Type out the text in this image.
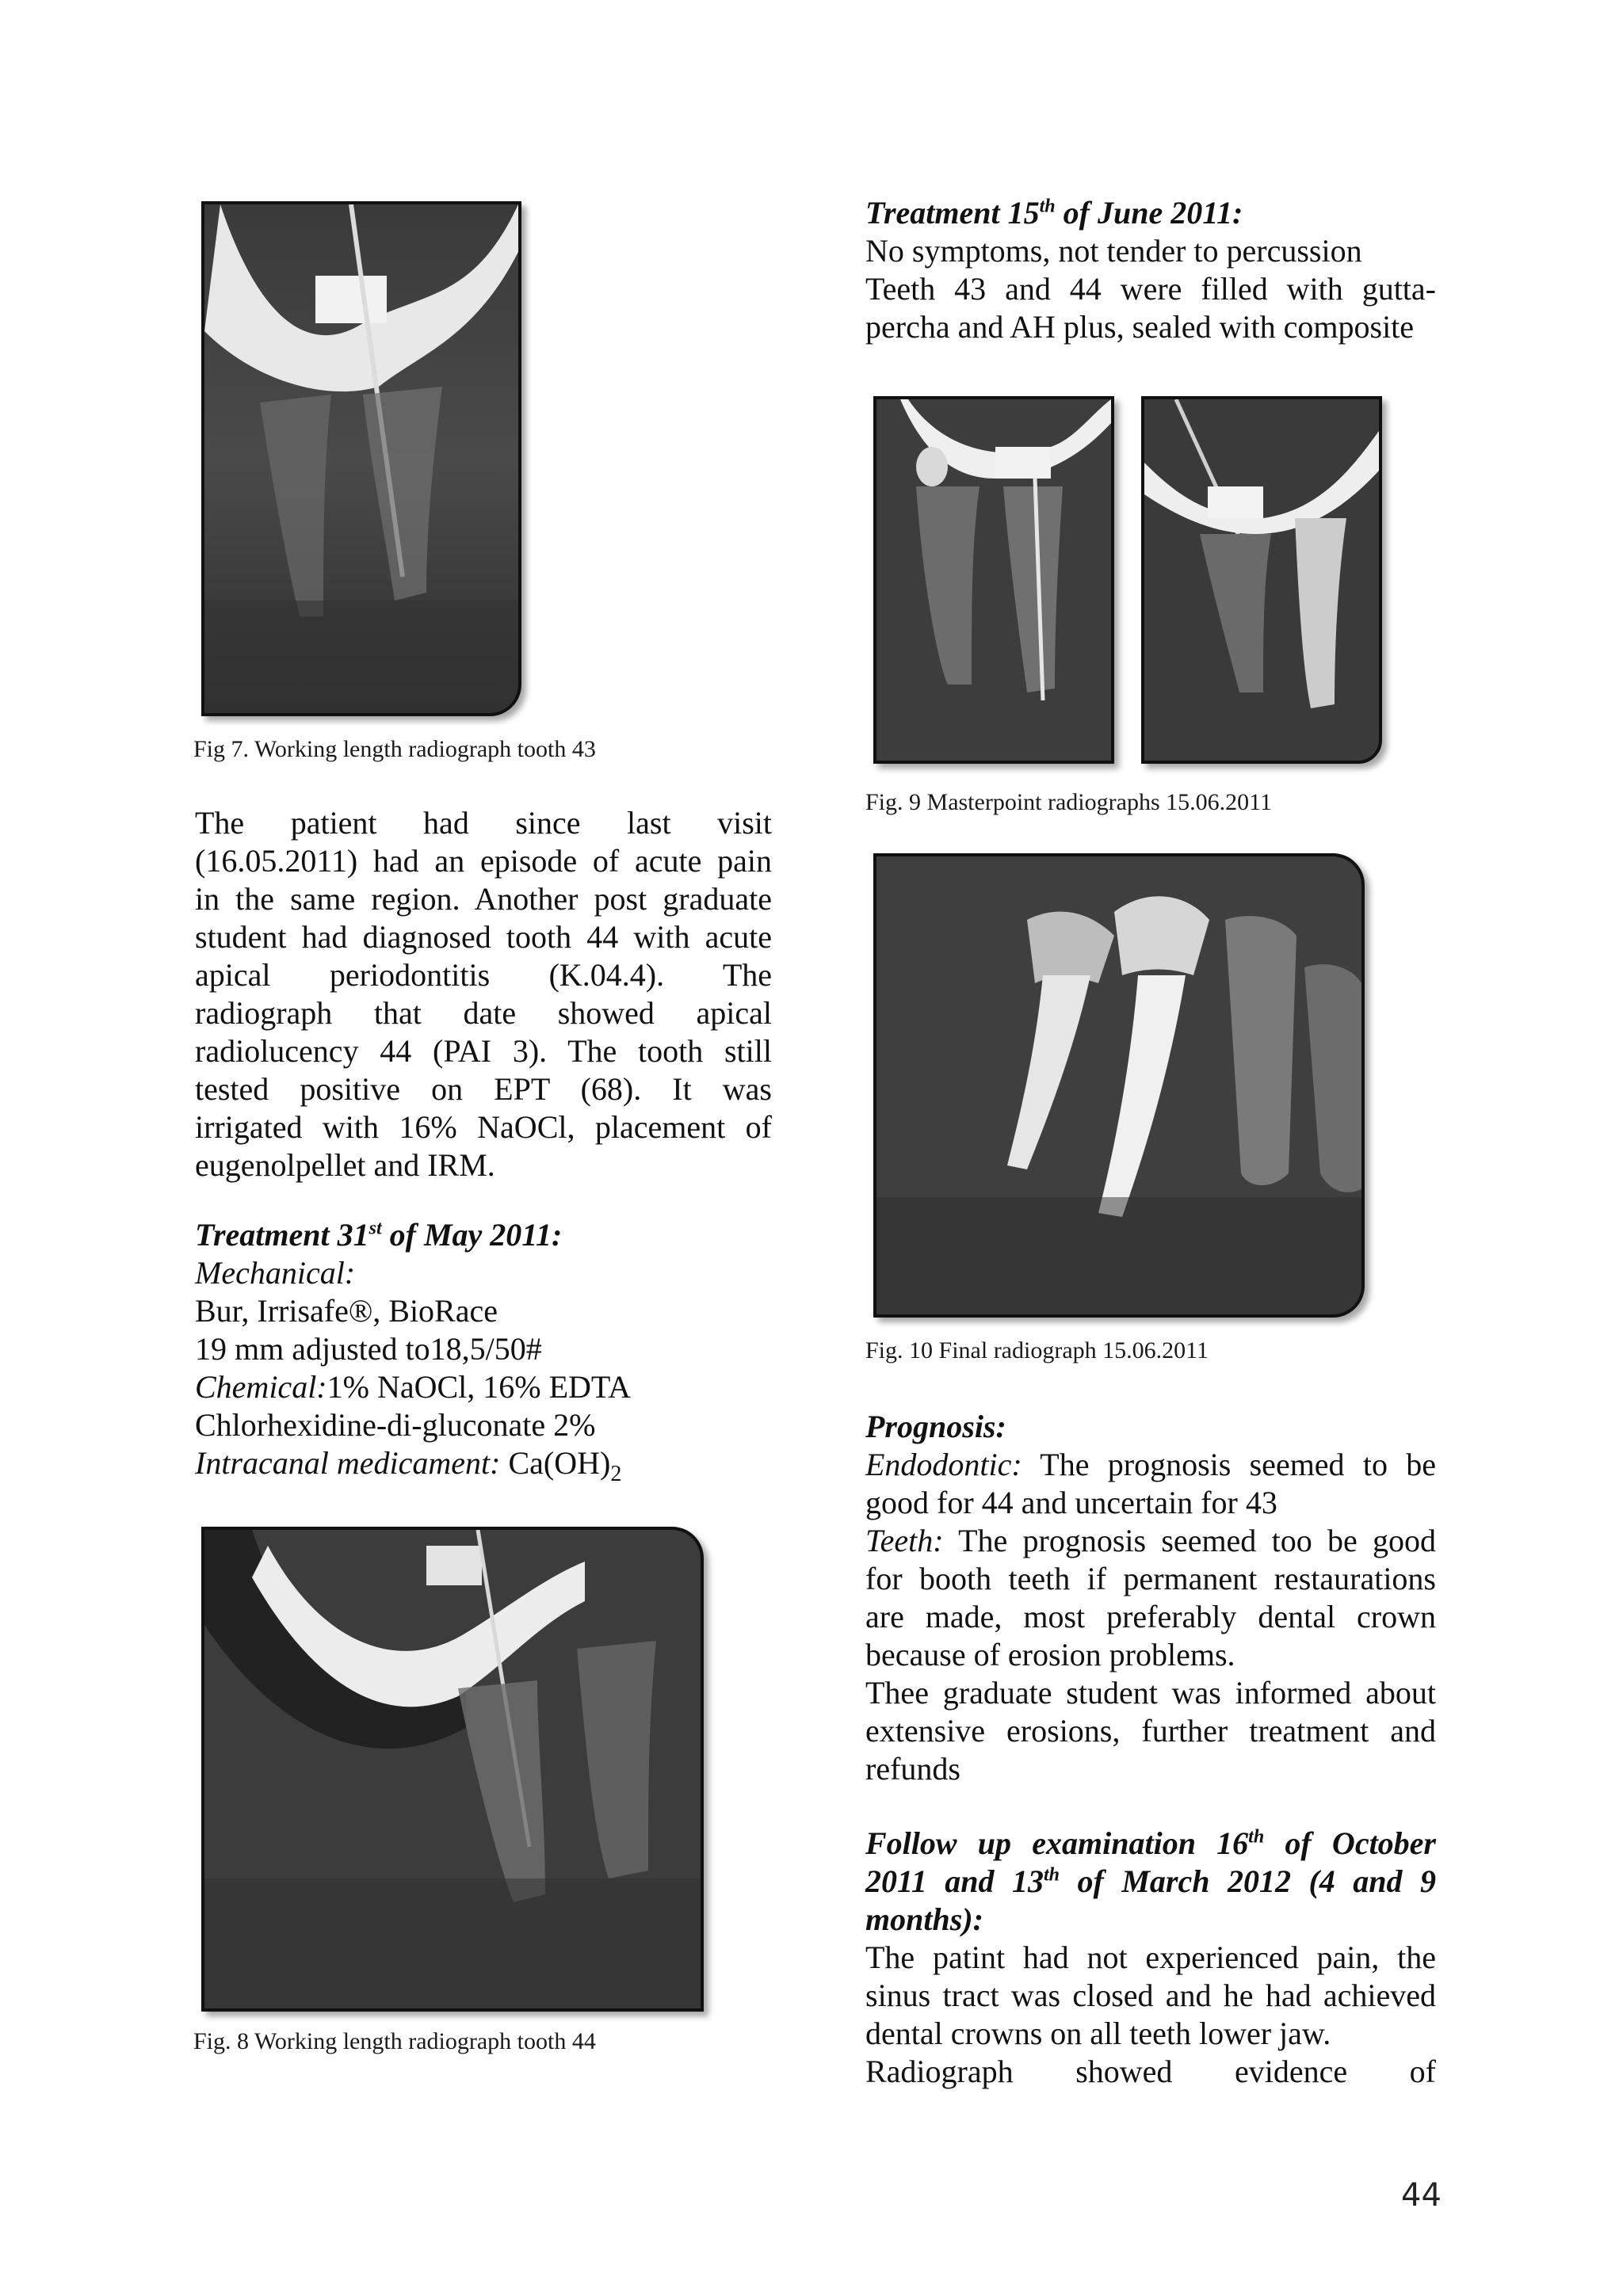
Fig 7. Working length radiograph tooth 43
The patient had since last visit
(16.05.2011) had an episode of acute pain
in the same region. Another post graduate
student had diagnosed tooth 44 with acute
apical periodontitis (K.04.4). The
radiograph that date showed apical
radiolucency 44 (PAI 3). The tooth still
tested positive on EPT (68). It was
irrigated with 16% NaOCl, placement of
eugenolpellet and IRM.
Treatment 31st of May 2011:
Mechanical:
Bur, Irrisafe®, BioRace
19 mm adjusted to18,5/50#
Chemical:1% NaOCl, 16% EDTA
Chlorhexidine-di-gluconate 2%
Intracanal medicament: $Ca(OH)_2$
Fig. 8 Working length radiograph tooth 44
Treatment 15th of June 2011:
No symptoms, not tender to percussion
Teeth 43 and 44 were filled with gutta-
percha and AH plus, sealed with composite
Fig. 9 Masterpoint radiographs 15.06.2011
Fig. 10 Final radiograph 15.06.2011
Prognosis:
Endodontic: The prognosis seemed to be
good for 44 and uncertain for 43
Teeth: The prognosis seemed too be good
for booth teeth if permanent restaurations
are made, most preferably dental crown
because of erosion problems.
Thee graduate student was informed about
extensive erosions, further treatment and
refunds
Follow up examination 16th of October
2011 and 13th of March 2012 (4 and 9
months):
The patint had not experienced pain, the
sinus tract was closed and he had achieved
dental crowns on all teeth lower jaw.
Radiograph showed evidence of
44
